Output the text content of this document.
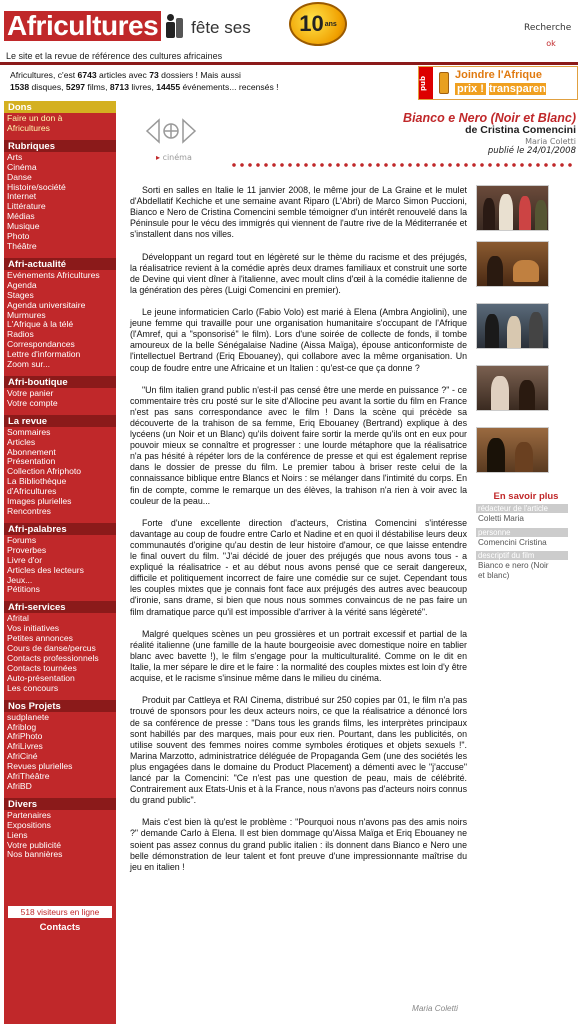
Africultures fête ses 10 ans	Recherche
ok
Le site et la revue de référence des cultures africaines
Africultures, c'est 6743 articles avec 73 dossiers ! Mais aussi
1538 disques, 5297 films, 8713 livres, 14455 événements... recensés !	pub
Joindre l'Afrique
prix ! transparen
Dons
Faire un don à
Africultures
Rubriques
Arts
Cinéma
Danse
Histoire/société
Internet
Littérature
Médias
Musique
Photo
Théâtre
Afri-actualité
Evénements Africultures
Agenda
Stages
Agenda universitaire
Murmures
L'Afrique à la télé
Radios
Correspondances
Lettre d'information
Zoom sur...
Afri-boutique
Votre panier
Votre compte
La revue
Sommaires
Articles
Abonnement
Présentation
Collection Afriphoto
La Bibliothèque
d'Africultures
Images plurielles
Rencontres
Afri-palabres
Forums
Proverbes
Livre d'or
Articles des lecteurs
Jeux...
Pétitions
Afri-services
Afrital
Vos initiatives
Petites annonces
Cours de danse/percus
Contacts professionnels
Contacts tournées
Auto-présentation
Les concours
Nos Projets
sudplanete
Afriblog
AfriPhoto
AfriLivres
AfriCiné
Revues plurielles
AfriThéâtre
AfriBD
Divers
Partenaires
Expositions
Liens
Votre publicité
Nos bannières
518 visiteurs en ligne
Contacts
▸ cinéma
Bianco e Nero (Noir et Blanc)
de Cristina Comencini
Maria Coletti
publié le 24/01/2008

Sorti en salles en Italie le 11 janvier 2008, le même jour de La Graine et le mulet d'Abdellatif Kechiche et une semaine avant Riparo (L'Abri) de Marco Simon Puccioni, Bianco e Nero de Cristina Comencini semble témoigner d'un intérêt renouvelé dans la Péninsule pour le vécu des immigrés qui viennent de l'autre rive de la Méditerranée et s'installent dans nos villes.

Développant un regard tout en légèreté sur le thème du racisme et des préjugés, la réalisatrice revient à la comédie après deux drames familiaux et construit une sorte de Devine qui vient dîner à l'italienne, avec moult clins d'œil à la comédie italienne de la génération des pères (Luigi Comencini en premier).

Le jeune informaticien Carlo (Fabio Volo) est marié à Elena (Ambra Angiolini), une jeune femme qui travaille pour une organisation humanitaire s'occupant de l'Afrique (l'Amref, qui a "sponsorisé" le film). Lors d'une soirée de collecte de fonds, il tombe amoureux de la belle Sénégalaise Nadine (Aissa Maïga), épouse anticonformiste de l'intellectuel Bertrand (Eriq Ebouaney), qui collabore avec la même organisation. Un coup de foudre entre une Africaine et un Italien : qu'est-ce que ça donne ?

"Un film italien grand public n'est-il pas censé être une merde en puissance ?" - ce commentaire très cru posté sur le site d'Allocine peu avant la sortie du film en France n'est pas sans correspondance avec le film ! Dans la scène qui précède sa découverte de la trahison de sa femme, Eriq Ebouaney (Bertrand) explique à des lycéens (un Noir et un Blanc) qu'ils doivent faire sortir la merde qu'ils ont en eux pour pouvoir mieux se connaître et progresser : une lourde métaphore que la réalisatrice n'a pas hésité à répéter lors de la conférence de presse et qui est également reprise dans le dossier de presse du film. Le premier tabou à briser reste celui de la connaissance biblique entre Blancs et Noirs : se mélanger dans l'intimité du corps. En fin de compte, comme le remarque un des élèves, la trahison n'a rien à voir avec la couleur de la peau...

Forte d'une excellente direction d'acteurs, Cristina Comencini s'intéresse davantage au coup de foudre entre Carlo et Nadine et en quoi il déstabilise leurs deux communautés d'origine qu'au destin de leur histoire d'amour, ce que laisse entendre le final ouvert du film. "J'ai décidé de jouer des préjugés que nous avons tous - a expliqué la réalisatrice - et au début nous avons pensé que ce serait dangereux, difficile et politiquement incorrect de faire une comédie sur ce sujet. Cependant tous les couples mixtes que je connais font face aux préjugés des autres avec beaucoup d'ironie, sans drame, si bien que nous nous sommes convaincus de ne pas faire un film dramatique parce qu'il est impossible d'arriver à la vérité sans légèreté".

Malgré quelques scènes un peu grossières et un portrait excessif et partial de la réalité italienne (une famille de la haute bourgeoisie avec domestique noire en tablier blanc avec bavette !), le film s'engage pour la multiculturalité. Comme on le dit en Italie, la mer sépare le dire et le faire : la normalité des couples mixtes est loin d'y être acquise, et le racisme s'insinue même dans le milieu du cinéma.

Produit par Cattleya et RAI Cinema, distribué sur 250 copies par 01, le film n'a pas trouvé de sponsors pour les deux acteurs noirs, ce que la réalisatrice a dénoncé lors de sa conférence de presse : "Dans tous les grands films, les interprètes principaux sont habillés par des marques, mais pour eux rien. Pourtant, dans les publicités, on utilise souvent des femmes noires comme symboles érotiques et objets sexuels !". Marina Marzotto, administratrice déléguée de Propaganda Gem (une des sociétés les plus engagées dans le domaine du Product Placement) a démenti avec le "j'accuse" lancé par la Comencini: "Ce n'est pas une question de peau, mais de célébrité. Contrairement aux Etats-Unis et à la France, nous n'avons pas d'acteurs noirs connus du grand public".

Mais c'est bien là qu'est le problème : "Pourquoi nous n'avons pas des amis noirs ?" demande Carlo à Elena. Il est bien dommage qu'Aissa Maïga et Eriq Ebouaney ne soient pas assez connus du grand public italien : ils donnent dans Bianco e Nero une belle démonstration de leur talent et font preuve d'une impressionnante maîtrise du jeu en italien !

Maria Coletti
En savoir plus
rédacteur de l'article
Coletti Maria
personne
Comencini Cristina
descriptif du film
Bianco e nero (Noir
et blanc)
